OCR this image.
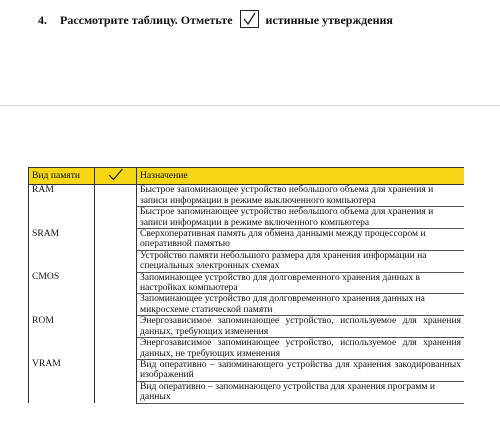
4. Рассмотрите таблицу. Отметьте	истинные утверждения
Вид памяти		Назначение
RAM		Быстрое запоминающее устройство небольшого объема для хранения и записи информации в режиме выключенного компьютера
		Быстрое запоминающее устройство небольшого объема для хранения и записи информации в режиме включенного компьютера
SRAM		Сверхоперативная память для обмена данными между процессором и оперативной памятью
		Устройство памяти небольшого размера для хранения информации на специальных электронных схемах
CMOS		Запоминающее устройство для долговременного хранения данных в настройках компьютера
		Запоминающее устройство для долговременного хранения данных на микросхеме статической памяти
ROM		Энергозависимое запоминающее устройство, используемое для хранения данных, требующих изменения
		Энергозависимое запоминающее устройство, используемое для хранения данных, не требующих изменения
VRAM		Вид оперативно – запоминающего устройства для хранения закодированных изображений
		Вид оперативно – запоминающего устройства для хранения программ и данных
